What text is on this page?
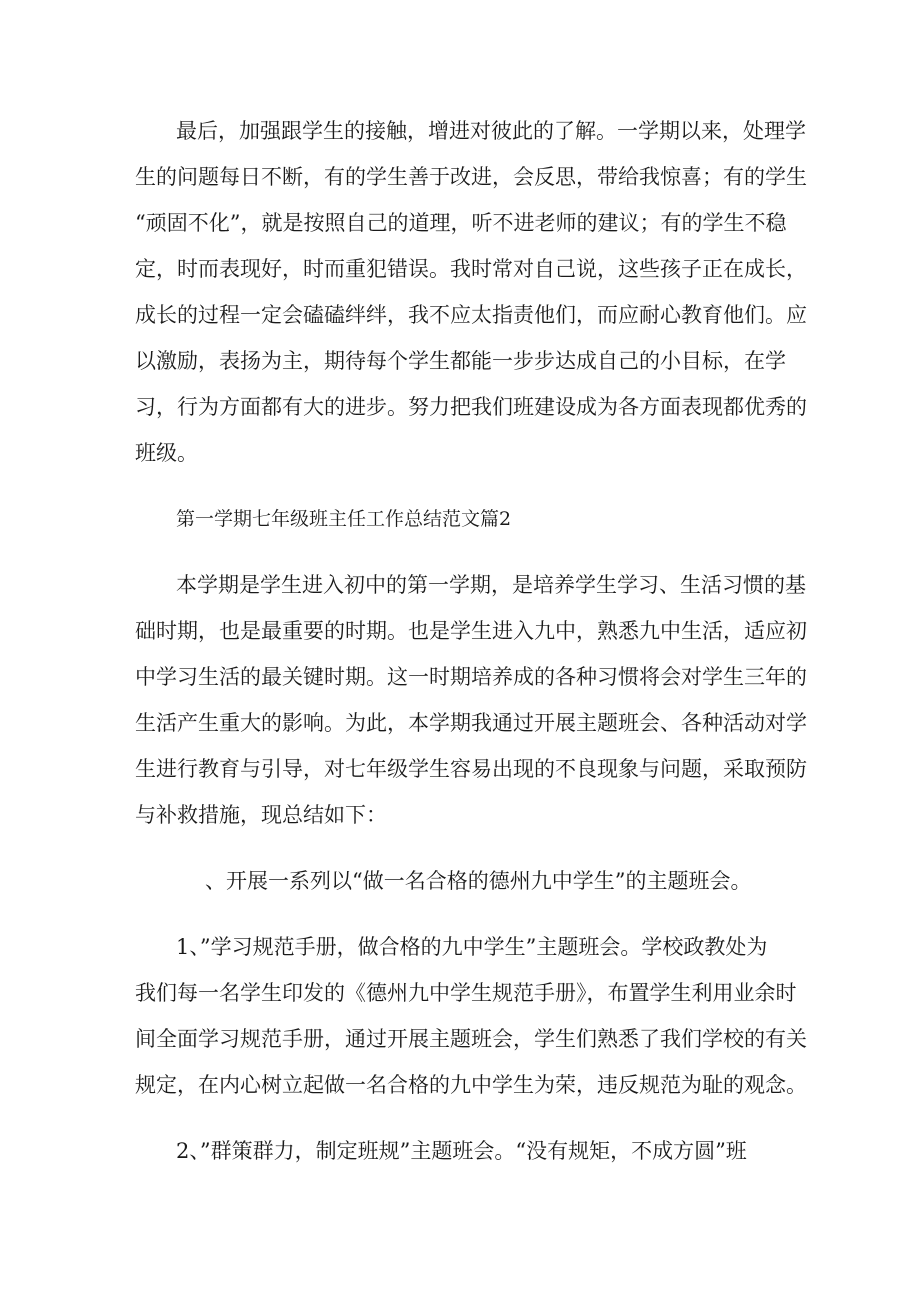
最后，加强跟学生的接触，增进对彼此的了解。一学期以来，处理学
生的问题每日不断，有的学生善于改进，会反思，带给我惊喜；有的学生
“顽固不化”，就是按照自己的道理，听不进老师的建议；有的学生不稳
定，时而表现好，时而重犯错误。我时常对自己说，这些孩子正在成长，
成长的过程一定会磕磕绊绊，我不应太指责他们，而应耐心教育他们。应
以激励，表扬为主，期待每个学生都能一步步达成自己的小目标，在学
习，行为方面都有大的进步。努力把我们班建设成为各方面表现都优秀的
班级。
第一学期七年级班主任工作总结范文篇2
本学期是学生进入初中的第一学期，是培养学生学习、生活习惯的基
础时期，也是最重要的时期。也是学生进入九中，熟悉九中生活，适应初
中学习生活的最关键时期。这一时期培养成的各种习惯将会对学生三年的
生活产生重大的影响。为此，本学期我通过开展主题班会、各种活动对学
生进行教育与引导，对七年级学生容易出现的不良现象与问题，采取预防
与补救措施，现总结如下：
、开展一系列以“做一名合格的德州九中学生”的主题班会。
1、”学习规范手册，做合格的九中学生”主题班会。学校政教处为
我们每一名学生印发的《德州九中学生规范手册》，布置学生利用业余时
间全面学习规范手册，通过开展主题班会，学生们熟悉了我们学校的有关
规定，在内心树立起做一名合格的九中学生为荣，违反规范为耻的观念。
2、”群策群力，制定班规”主题班会。“没有规矩，不成方圆”班
